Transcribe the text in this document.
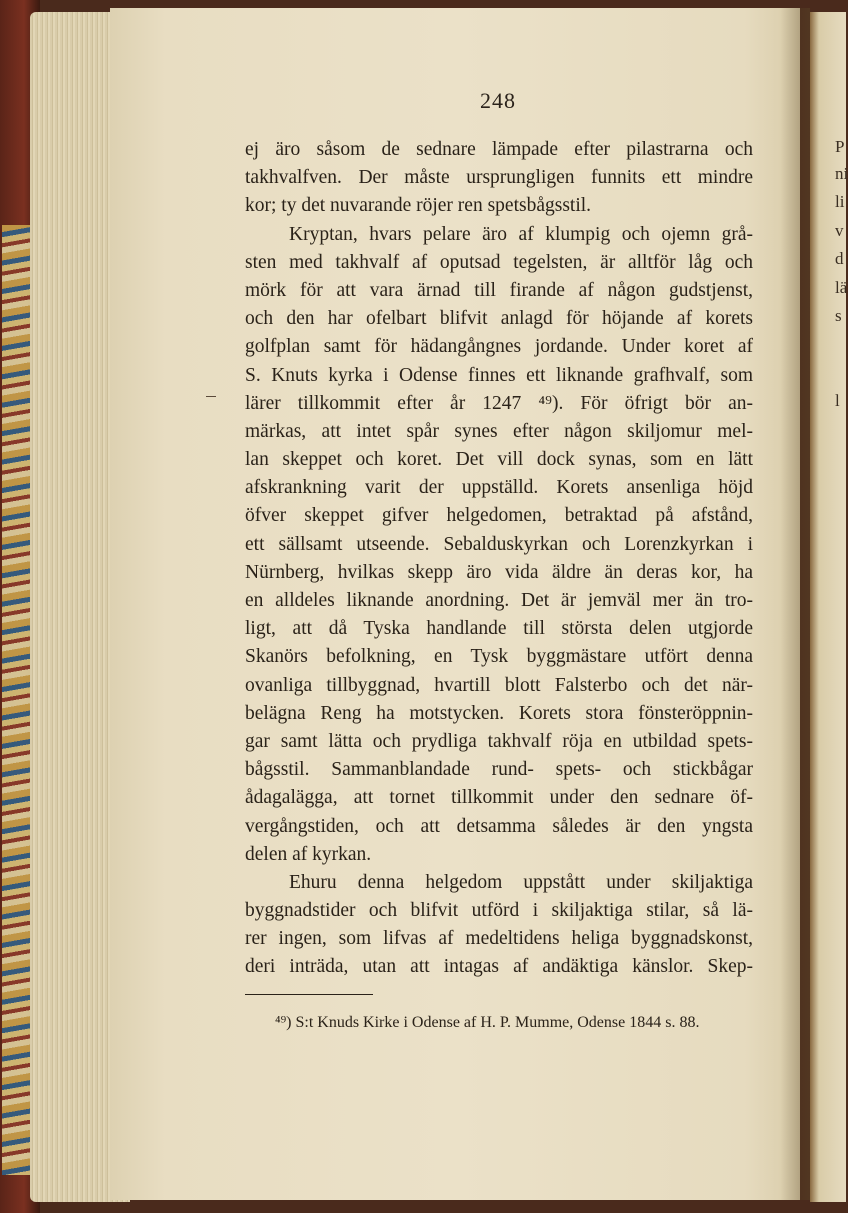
P
ni
li
v
d
lä
s
l
248
ej äro såsom de sednare lämpade efter pilastrarna och
takhvalfven. Der måste ursprungligen funnits ett mindre
kor; ty det nuvarande röjer ren spetsbågsstil.
Kryptan, hvars pelare äro af klumpig och ojemn grå-
sten med takhvalf af oputsad tegelsten, är alltför låg och
mörk för att vara ärnad till firande af någon gudstjenst,
och den har ofelbart blifvit anlagd för höjande af korets
golfplan samt för hädangångnes jordande. Under koret af
S. Knuts kyrka i Odense finnes ett liknande grafhvalf, som
lärer tillkommit efter år 1247 ⁴⁹). För öfrigt bör an-
märkas, att intet spår synes efter någon skiljomur mel-
lan skeppet och koret. Det vill dock synas, som en lätt
afskrankning varit der uppställd. Korets ansenliga höjd
öfver skeppet gifver helgedomen, betraktad på afstånd,
ett sällsamt utseende. Sebalduskyrkan och Lorenzkyrkan i
Nürnberg, hvilkas skepp äro vida äldre än deras kor, ha
en alldeles liknande anordning. Det är jemväl mer än tro-
ligt, att då Tyska handlande till största delen utgjorde
Skanörs befolkning, en Tysk byggmästare utfört denna
ovanliga tillbyggnad, hvartill blott Falsterbo och det när-
belägna Reng ha motstycken. Korets stora fönsteröppnin-
gar samt lätta och prydliga takhvalf röja en utbildad spets-
bågsstil. Sammanblandade rund- spets- och stickbågar
ådagalägga, att tornet tillkommit under den sednare öf-
vergångstiden, och att detsamma således är den yngsta
delen af kyrkan.
Ehuru denna helgedom uppstått under skiljaktiga
byggnadstider och blifvit utförd i skiljaktiga stilar, så lä-
rer ingen, som lifvas af medeltidens heliga byggnadskonst,
deri inträda, utan att intagas af andäktiga känslor. Skep-
⁴⁹) S:t Knuds Kirke i Odense af H. P. Mumme, Odense 1844 s. 88.
